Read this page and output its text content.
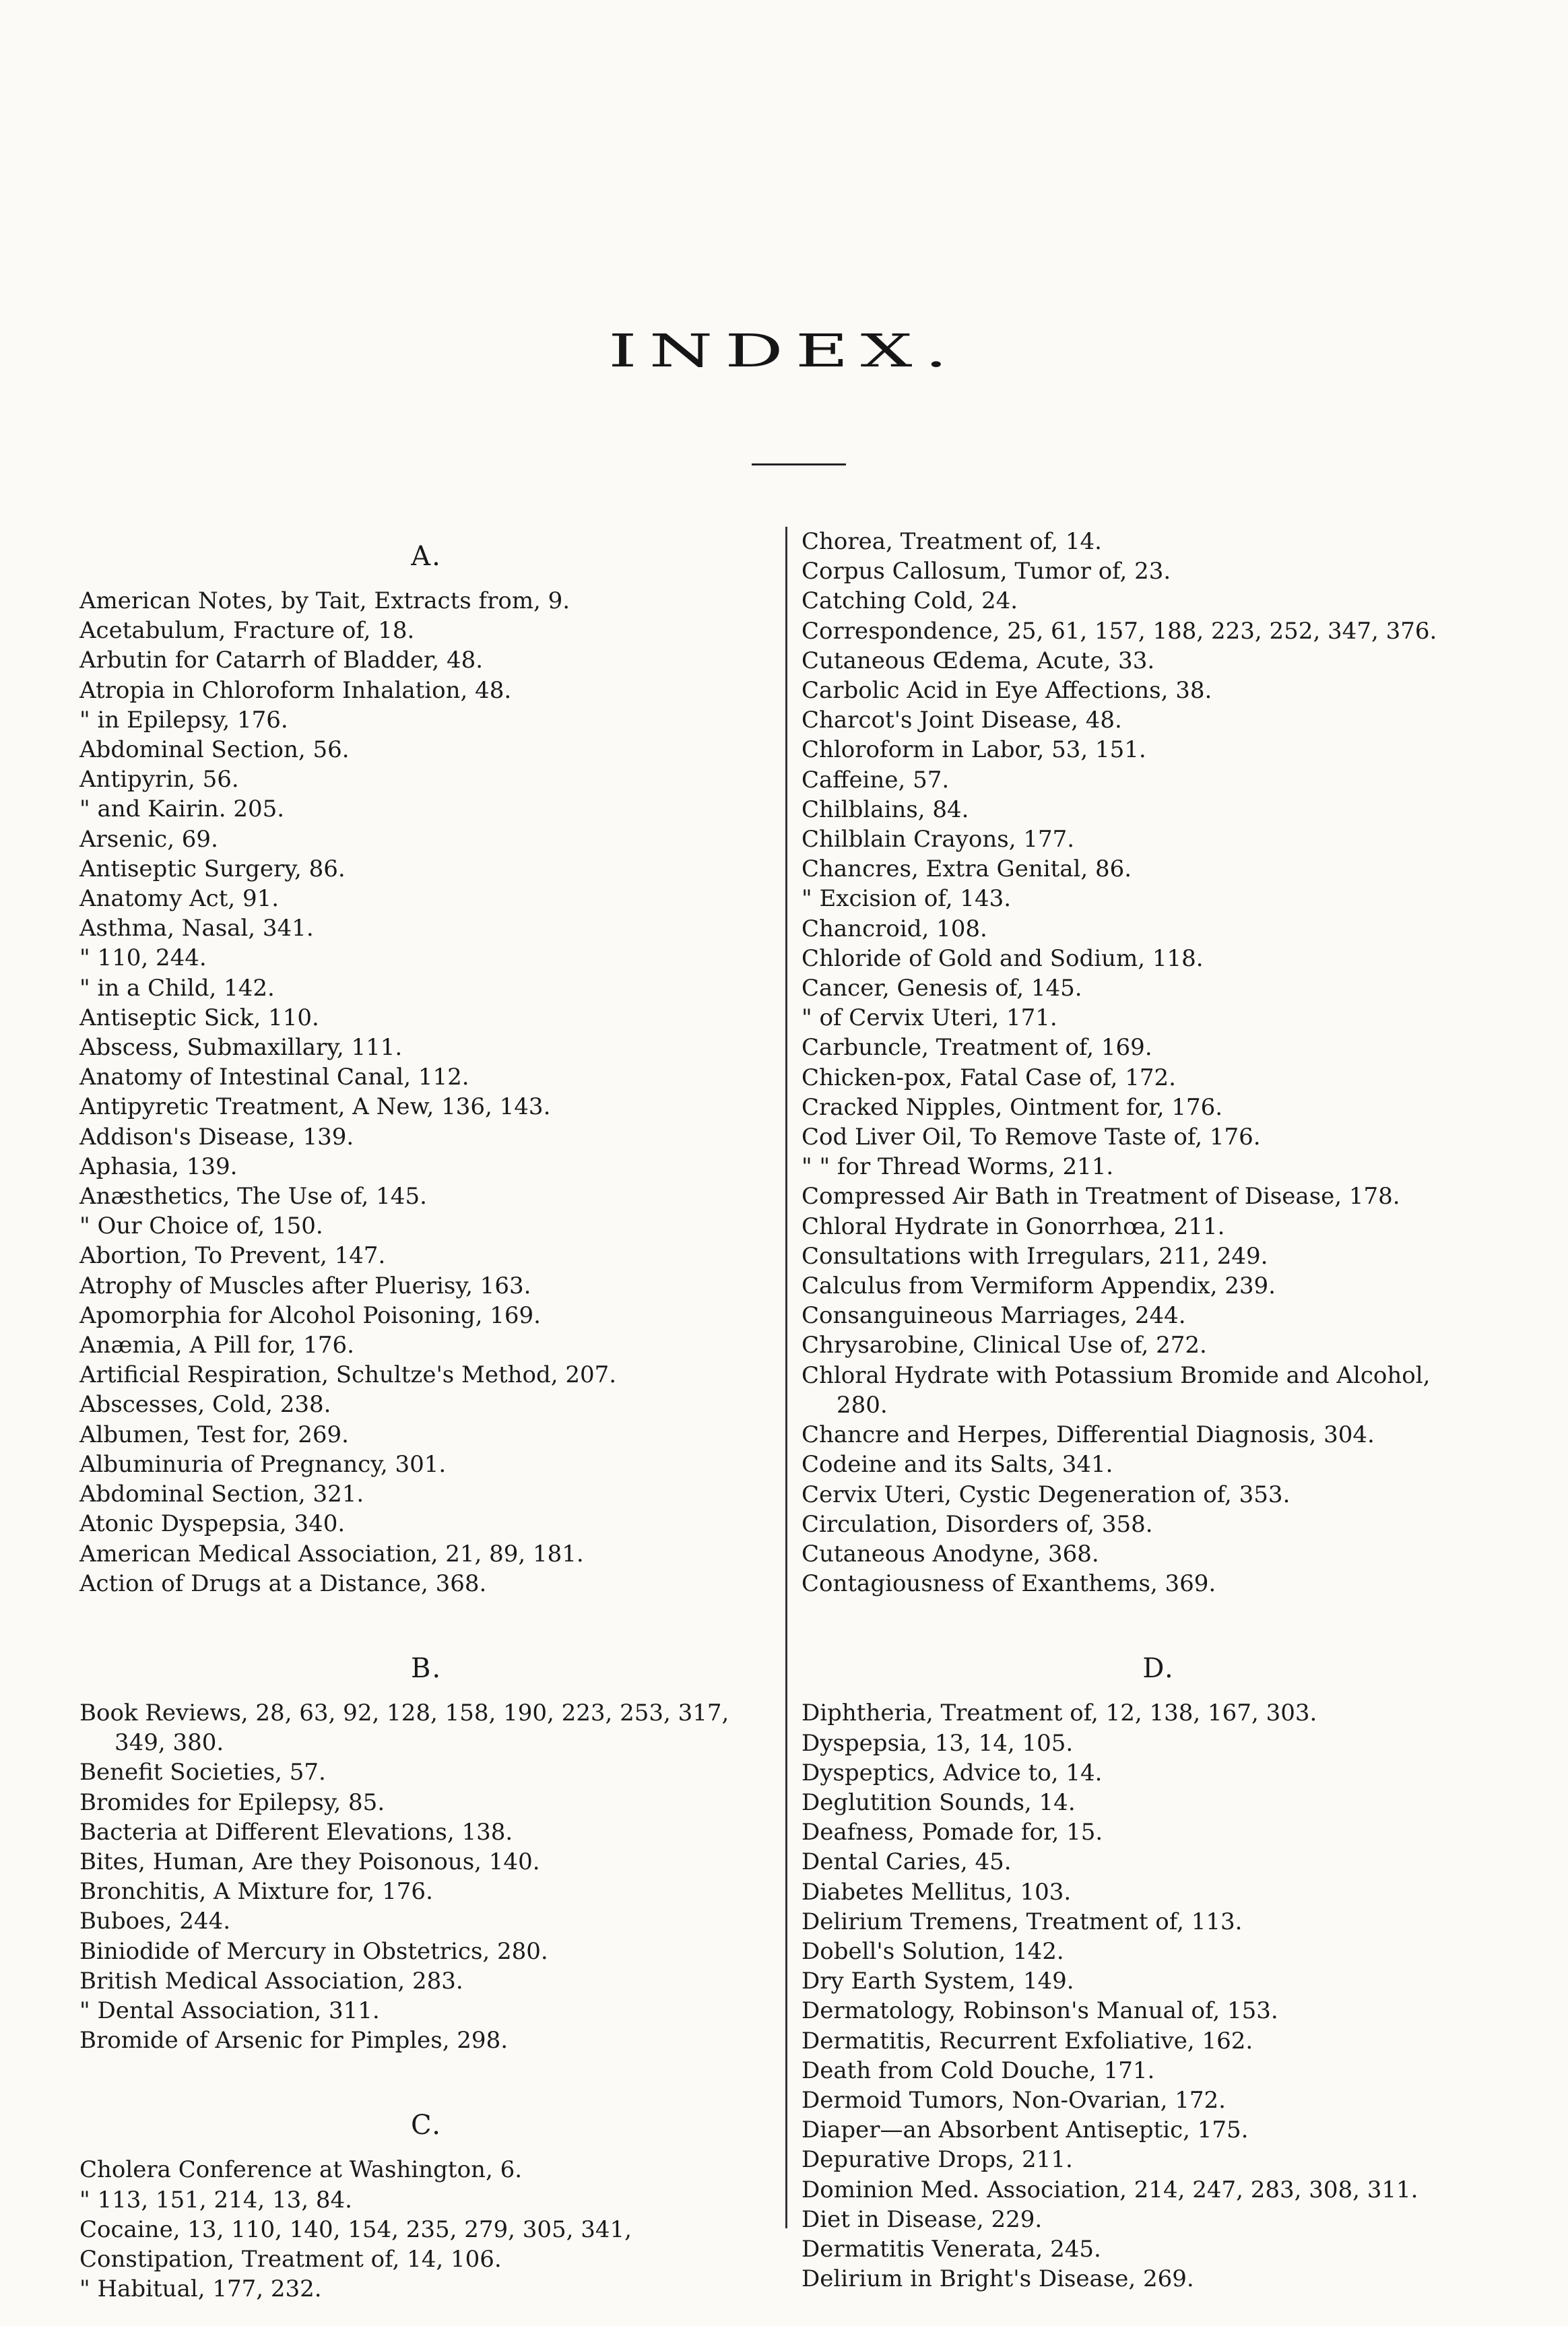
INDEX.
A.
American Notes, by Tait, Extracts from, 9.
Acetabulum, Fracture of, 18.
Arbutin for Catarrh of Bladder, 48.
Atropia in Chloroform Inhalation, 48.
" in Epilepsy, 176.
Abdominal Section, 56.
Antipyrin, 56.
" and Kairin. 205.
Arsenic, 69.
Antiseptic Surgery, 86.
Anatomy Act, 91.
Asthma, Nasal, 341.
" 110, 244.
" in a Child, 142.
Antiseptic Sick, 110.
Abscess, Submaxillary, 111.
Anatomy of Intestinal Canal, 112.
Antipyretic Treatment, A New, 136, 143.
Addison's Disease, 139.
Aphasia, 139.
Anæsthetics, The Use of, 145.
" Our Choice of, 150.
Abortion, To Prevent, 147.
Atrophy of Muscles after Pluerisy, 163.
Apomorphia for Alcohol Poisoning, 169.
Anæmia, A Pill for, 176.
Artificial Respiration, Schultze's Method, 207.
Abscesses, Cold, 238.
Albumen, Test for, 269.
Albuminuria of Pregnancy, 301.
Abdominal Section, 321.
Atonic Dyspepsia, 340.
American Medical Association, 21, 89, 181.
Action of Drugs at a Distance, 368.
B.
Book Reviews, 28, 63, 92, 128, 158, 190, 223, 253, 317,
349, 380.
Benefit Societies, 57.
Bromides for Epilepsy, 85.
Bacteria at Different Elevations, 138.
Bites, Human, Are they Poisonous, 140.
Bronchitis, A Mixture for, 176.
Buboes, 244.
Biniodide of Mercury in Obstetrics, 280.
British Medical Association, 283.
" Dental Association, 311.
Bromide of Arsenic for Pimples, 298.
C.
Cholera Conference at Washington, 6.
" 113, 151, 214, 13, 84.
Cocaine, 13, 110, 140, 154, 235, 279, 305, 341,
Constipation, Treatment of, 14, 106.
" Habitual, 177, 232.
Chorea, Treatment of, 14.
Corpus Callosum, Tumor of, 23.
Catching Cold, 24.
Correspondence, 25, 61, 157, 188, 223, 252, 347, 376.
Cutaneous Œdema, Acute, 33.
Carbolic Acid in Eye Affections, 38.
Charcot's Joint Disease, 48.
Chloroform in Labor, 53, 151.
Caffeine, 57.
Chilblains, 84.
Chilblain Crayons, 177.
Chancres, Extra Genital, 86.
" Excision of, 143.
Chancroid, 108.
Chloride of Gold and Sodium, 118.
Cancer, Genesis of, 145.
" of Cervix Uteri, 171.
Carbuncle, Treatment of, 169.
Chicken-pox, Fatal Case of, 172.
Cracked Nipples, Ointment for, 176.
Cod Liver Oil, To Remove Taste of, 176.
" " for Thread Worms, 211.
Compressed Air Bath in Treatment of Disease, 178.
Chloral Hydrate in Gonorrhœa, 211.
Consultations with Irregulars, 211, 249.
Calculus from Vermiform Appendix, 239.
Consanguineous Marriages, 244.
Chrysarobine, Clinical Use of, 272.
Chloral Hydrate with Potassium Bromide and Alcohol,
280.
Chancre and Herpes, Differential Diagnosis, 304.
Codeine and its Salts, 341.
Cervix Uteri, Cystic Degeneration of, 353.
Circulation, Disorders of, 358.
Cutaneous Anodyne, 368.
Contagiousness of Exanthems, 369.
D.
Diphtheria, Treatment of, 12, 138, 167, 303.
Dyspepsia, 13, 14, 105.
Dyspeptics, Advice to, 14.
Deglutition Sounds, 14.
Deafness, Pomade for, 15.
Dental Caries, 45.
Diabetes Mellitus, 103.
Delirium Tremens, Treatment of, 113.
Dobell's Solution, 142.
Dry Earth System, 149.
Dermatology, Robinson's Manual of, 153.
Dermatitis, Recurrent Exfoliative, 162.
Death from Cold Douche, 171.
Dermoid Tumors, Non-Ovarian, 172.
Diaper—an Absorbent Antiseptic, 175.
Depurative Drops, 211.
Dominion Med. Association, 214, 247, 283, 308, 311.
Diet in Disease, 229.
Dermatitis Venerata, 245.
Delirium in Bright's Disease, 269.
